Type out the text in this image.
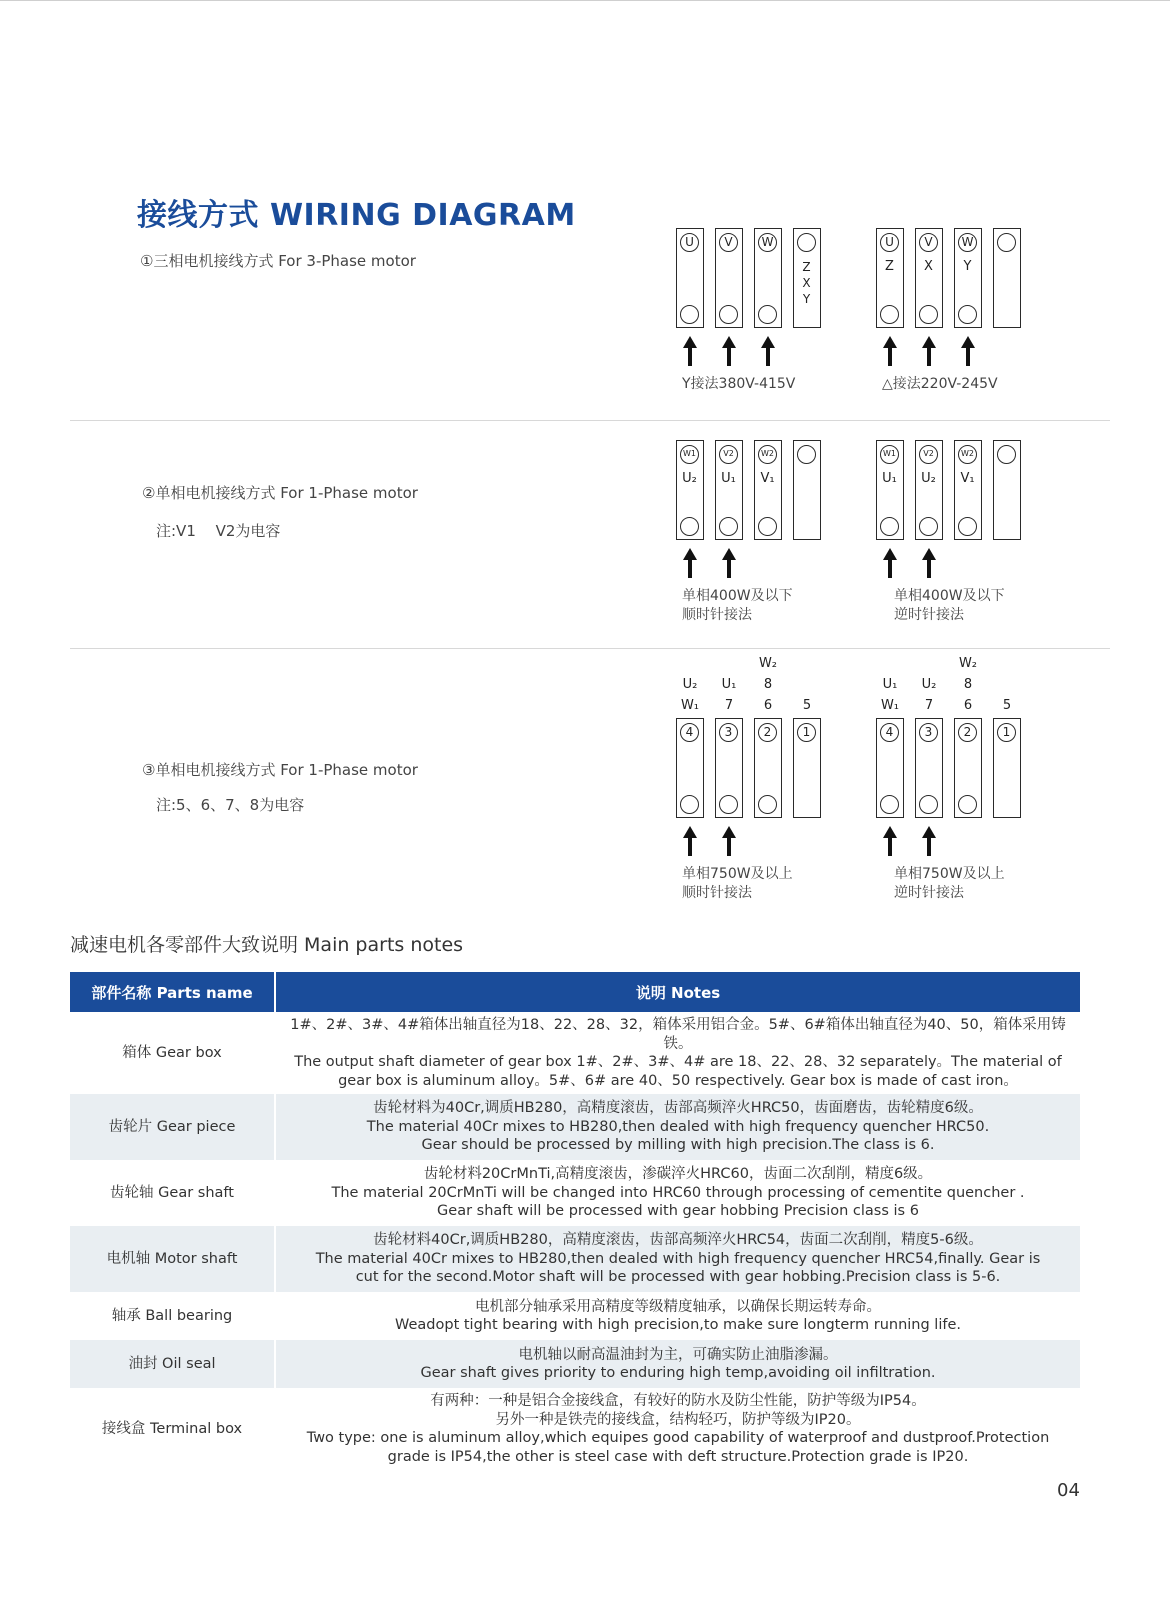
接线方式 WIRING DIAGRAM
①三相电机接线方式 For 3-Phase motor
②单相电机接线方式 For 1-Phase motor
注:V1　 V2为电容
③单相电机接线方式 For 1-Phase motor
注:5、6、7、8为电容
U	V	W
Z
X
Y
Y接法380V-415V
U
Z
V
X
W
Y
△接法220V-245V
W1
U₂
V2
U₁
W2
V₁
单相400W及以下
顺时针接法
W1
U₁
V2
U₂
W2
V₁
单相400W及以下
逆时针接法
4	3	2	1
U₂
W₁
U₁
7
W₂
8
6	5
单相750W及以上
顺时针接法
4	3	2	1
U₁
W₁
U₂
7
W₂
8
6	5
单相750W及以上
逆时针接法
减速电机各零部件大致说明 Main parts notes
部件名称 Parts name	说明 Notes
箱体 Gear box	1#、2#、3#、4#箱体出轴直径为18、22、28、32，箱体采用铝合金。5#、6#箱体出轴直径为40、50，箱体采用铸铁。
The output shaft diameter of gear box 1#、2#、3#、4# are 18、22、28、32 separately。The material of
gear box is aluminum alloy。5#、6# are 40、50 respectively. Gear box is made of cast iron。

齿轮片 Gear piece	齿轮材料为40Cr,调质HB280，高精度滚齿，齿部高频淬火HRC50，齿面磨齿，齿轮精度6级。
The material 40Cr mixes to HB280,then dealed with high frequency quencher HRC50.
Gear should be processed by milling with high precision.The class is 6.

齿轮轴 Gear shaft	齿轮材料20CrMnTi,高精度滚齿，渗碳淬火HRC60，齿面二次刮削，精度6级。
The material 20CrMnTi will be changed into HRC60 through processing of cementite quencher .
Gear shaft will be processed with gear hobbing Precision class is 6

电机轴 Motor shaft	齿轮材料40Cr,调质HB280，高精度滚齿，齿部高频淬火HRC54，齿面二次刮削，精度5-6级。
The material 40Cr mixes to HB280,then dealed with high frequency quencher HRC54,finally. Gear is
cut for the second.Motor shaft will be processed with gear hobbing.Precision class is 5-6.

轴承 Ball bearing	电机部分轴承采用高精度等级精度轴承，以确保长期运转寿命。
Weadopt tight bearing with high precision,to make sure longterm running life.

油封 Oil seal	电机轴以耐高温油封为主，可确实防止油脂渗漏。
Gear shaft gives priority to enduring high temp,avoiding oil infiltration.

接线盒 Terminal box	有两种：一种是铝合金接线盒，有较好的防水及防尘性能，防护等级为IP54。
另外一种是铁壳的接线盒，结构轻巧，防护等级为IP20。
Two type: one is aluminum alloy,which equipes good capability of waterproof and dustproof.Protection
grade is IP54,the other is steel case with deft structure.Protection grade is IP20.
04
